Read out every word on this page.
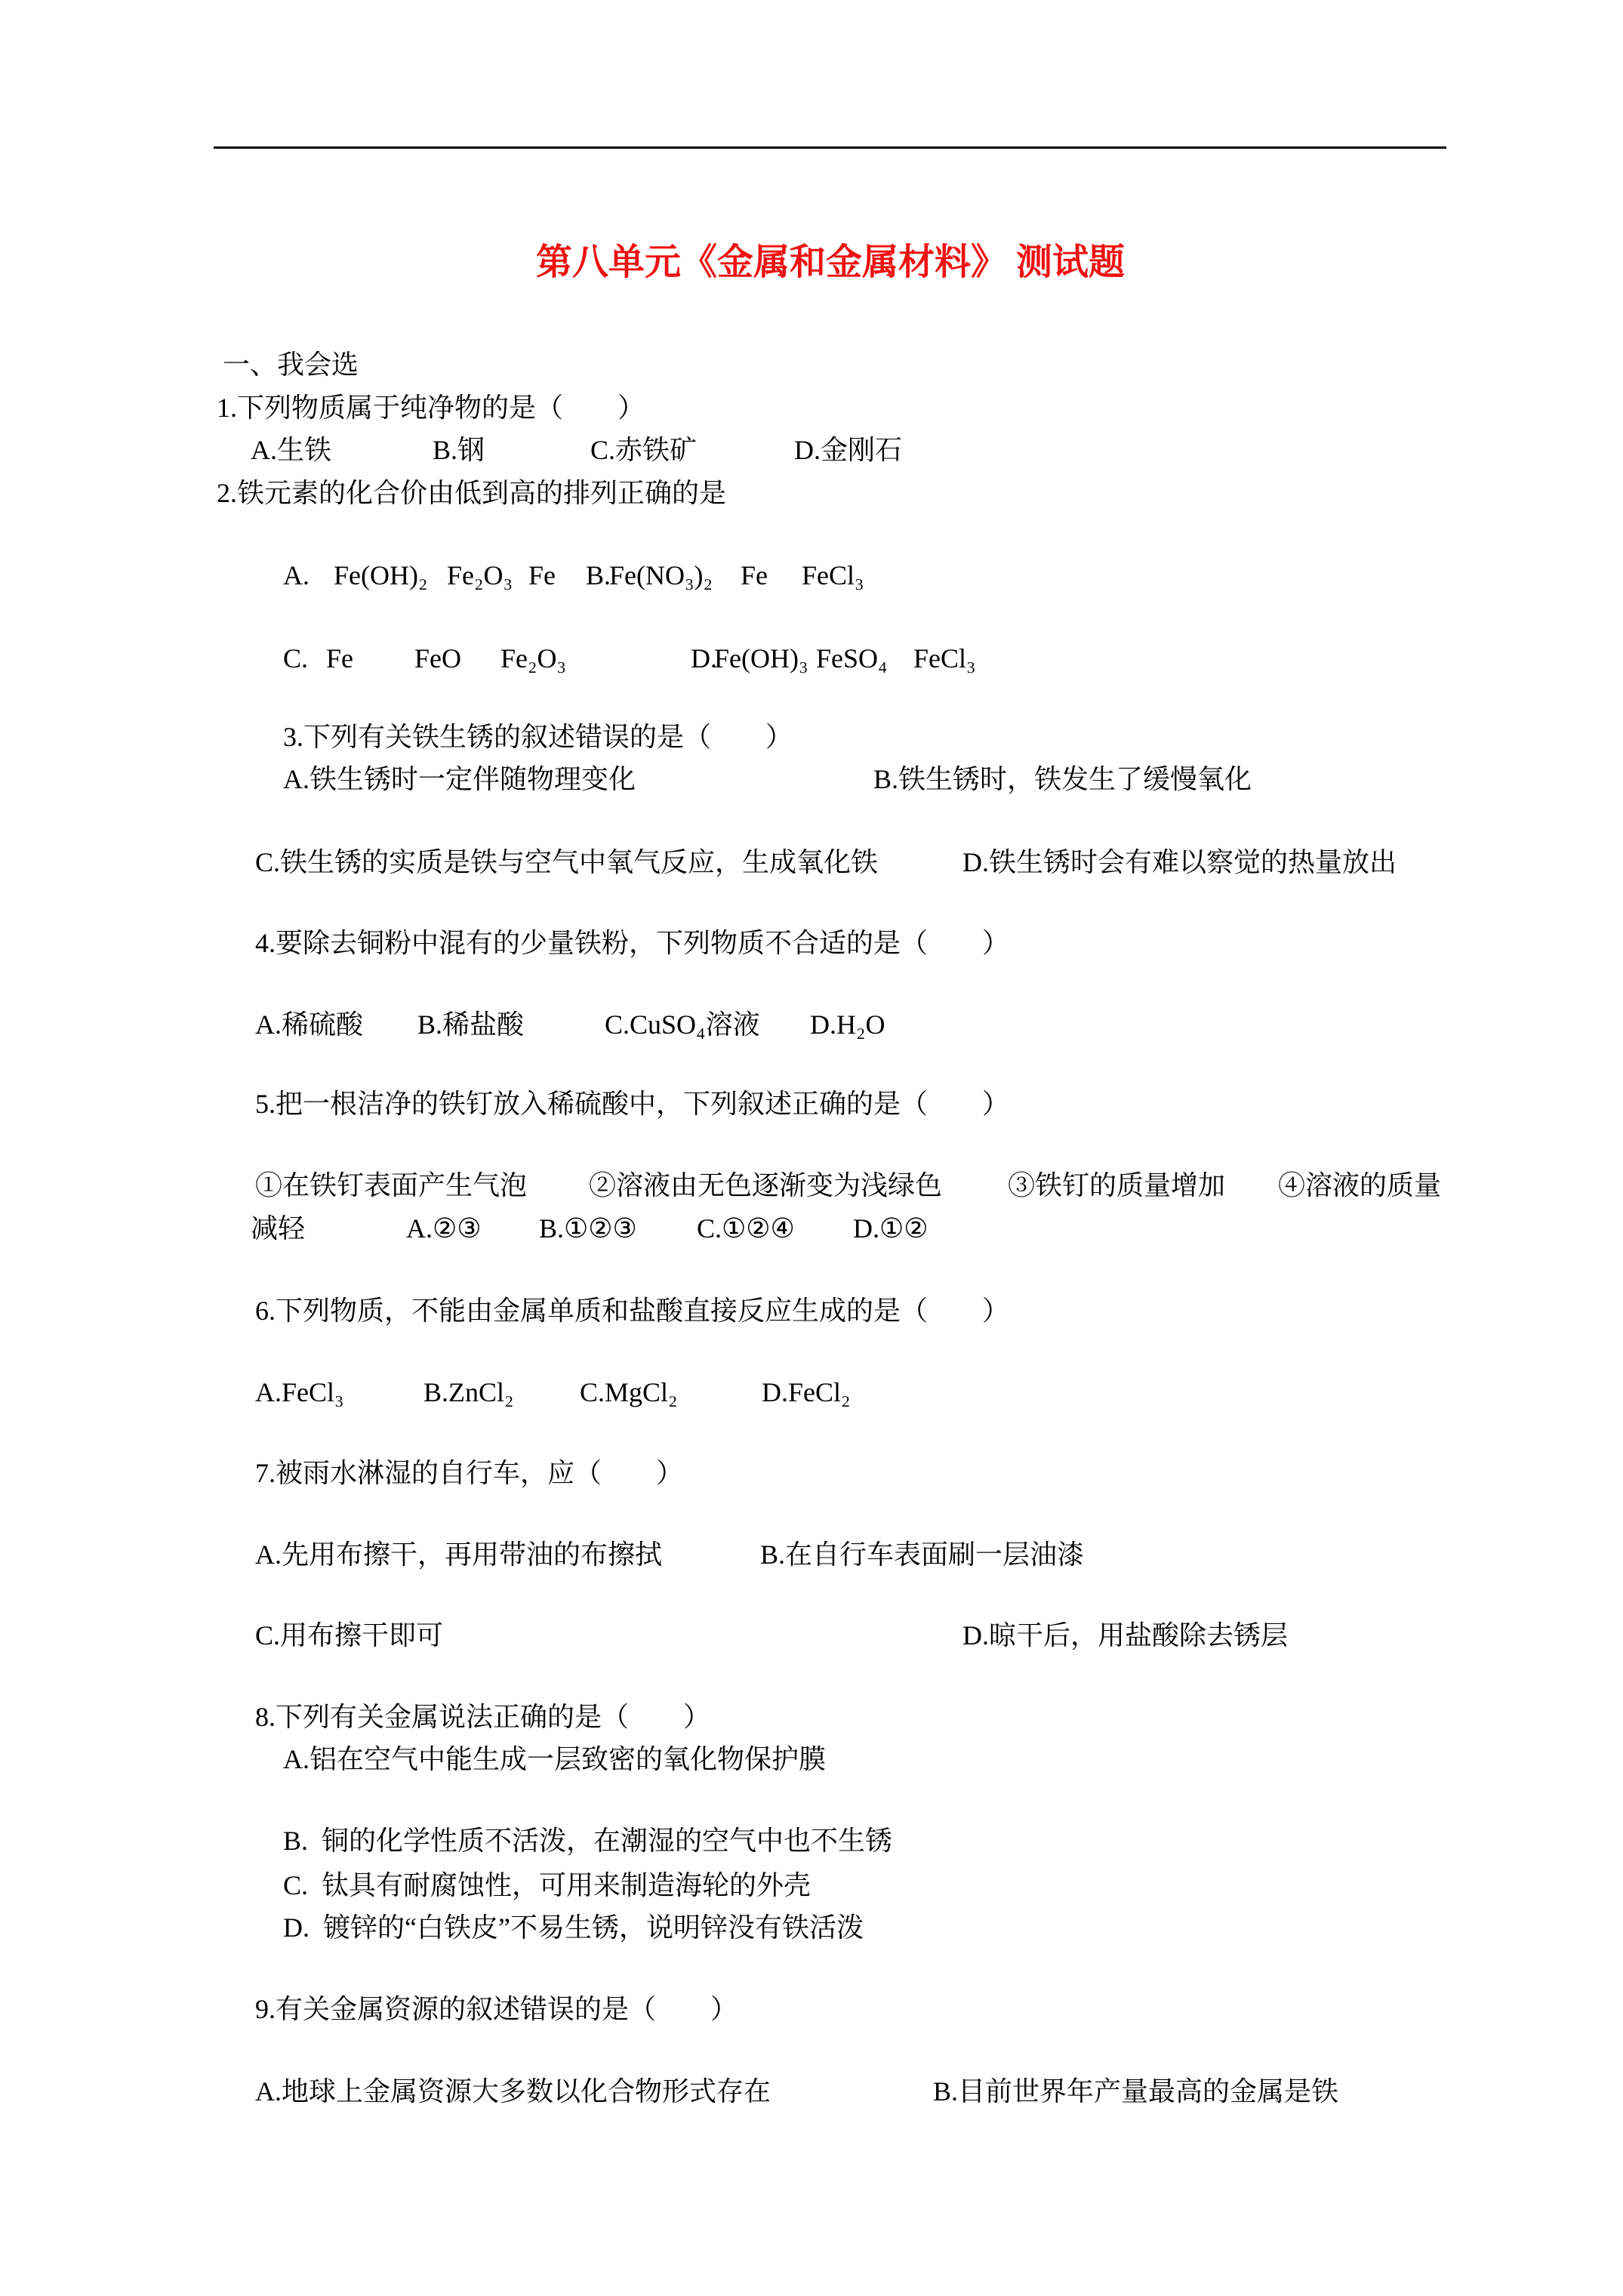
第八单元《金属和金属材料》 测试题
一、我会选
1.下列物质属于纯净物的是（　　）
A.生铁	B.钢	C.赤铁矿	D.金刚石
2.铁元素的化合价由低到高的排列正确的是
A. Fe(OH)₂ Fe₂O₃ Fe B.
Fe(NO₃)₂ Fe FeCl₃
C. Fe FeO Fe₂O₃	D.
Fe(OH)₃ FeSO₄ FeCl₃
3.下列有关铁生锈的叙述错误的是（　　）
A.铁生锈时一定伴随物理变化	B.铁生锈时，铁发生了缓慢氧化
C.铁生锈的实质是铁与空气中氧气反应，生成氧化铁	D.铁生锈时会有难以察觉的热量放出
4.要除去铜粉中混有的少量铁粉，下列物质不合适的是（　　）
A.稀硫酸 B.稀盐酸	C.CuSO₄溶液 D.H₂O
5.把一根洁净的铁钉放入稀硫酸中，下列叙述正确的是（　　）
①在铁钉表面产生气泡 ②溶液由无色逐渐变为浅绿色 ③铁钉的质量增加 ④溶液的质量
减轻	A.②③ B.①②③ C.①②④ D.①②
6.下列物质，不能由金属单质和盐酸直接反应生成的是（　　）
A.FeCl₃	B.ZnCl₂ C.MgCl₂	D.FeCl₂
7.被雨水淋湿的自行车，应（　　）
A.先用布擦干，再用带油的布擦拭	B.在自行车表面刷一层油漆
C.用布擦干即可	D.晾干后，用盐酸除去锈层
8.下列有关金属说法正确的是（　　）
A.铝在空气中能生成一层致密的氧化物保护膜
B.  铜的化学性质不活泼，在潮湿的空气中也不生锈
C.  钛具有耐腐蚀性，可用来制造海轮的外壳
D.  镀锌的“白铁皮”不易生锈，说明锌没有铁活泼
9.有关金属资源的叙述错误的是（　　）
A.地球上金属资源大多数以化合物形式存在	B.目前世界年产量最高的金属是铁
